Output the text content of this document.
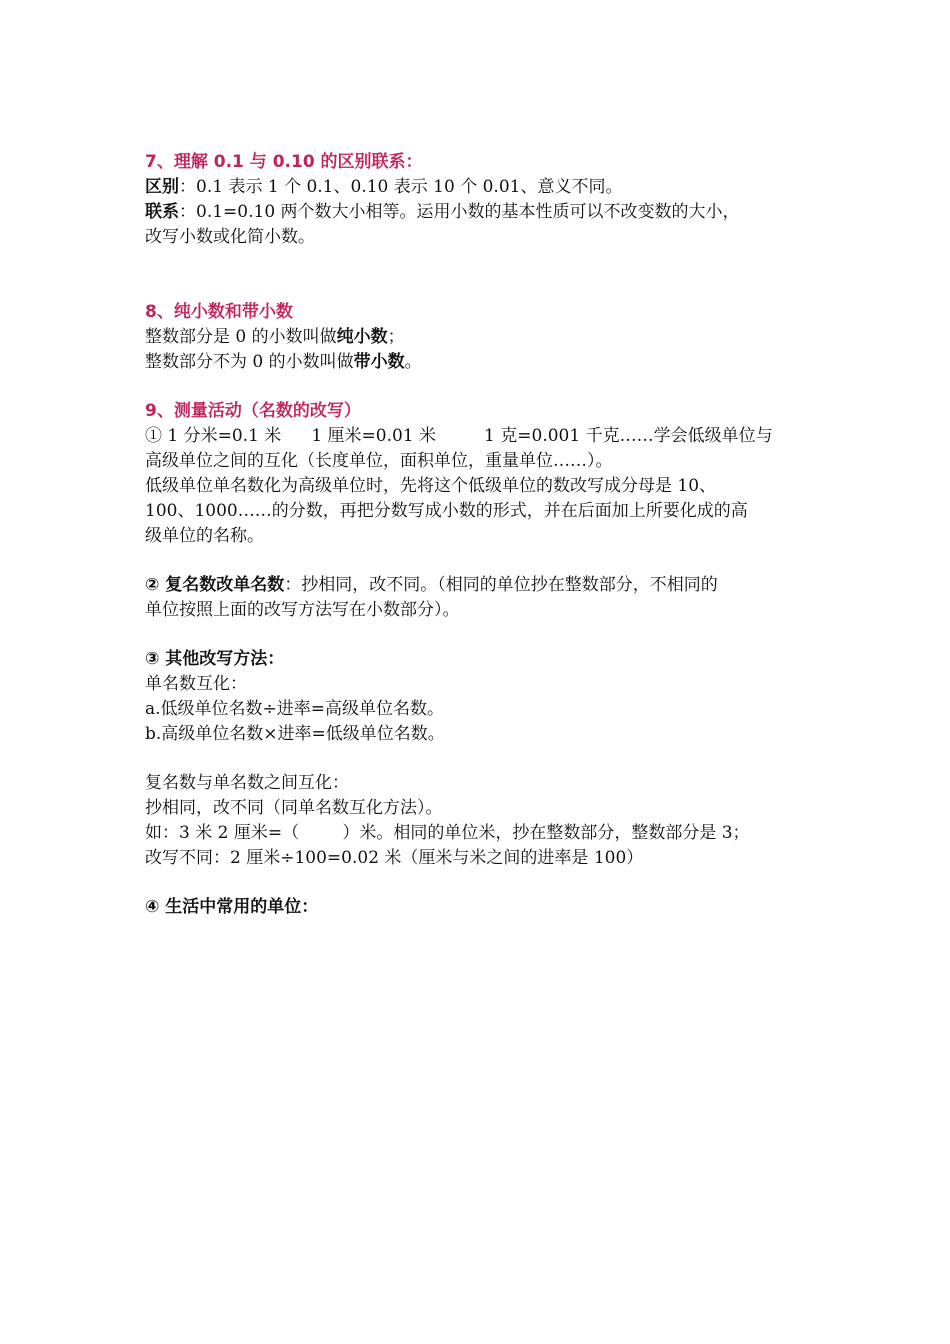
7、理解 0.1 与 0.10 的区别联系：
区别：0.1 表示 1 个 0.1、0.10 表示 10 个 0.01、意义不同。
联系：0.1=0.10 两个数大小相等。运用小数的基本性质可以不改变数的大小，
改写小数或化简小数。
8、纯小数和带小数
整数部分是 0 的小数叫做纯小数；
整数部分不为 0 的小数叫做带小数。
9、测量活动（名数的改写）
① 1 分米=0.1 米 1 厘米=0.01 米	1 克=0.001 千克……学会低级单位与
高级单位之间的互化（长度单位，面积单位，重量单位……）。
低级单位单名数化为高级单位时，先将这个低级单位的数改写成分母是 10、
100、1000……的分数，再把分数写成小数的形式，并在后面加上所要化成的高
级单位的名称。
② 复名数改单名数：抄相同，改不同。（相同的单位抄在整数部分，不相同的
单位按照上面的改写方法写在小数部分）。
③ 其他改写方法：
单名数互化：
a.低级单位名数÷进率=高级单位名数。
b.高级单位名数×进率=低级单位名数。
复名数与单名数之间互化：
抄相同，改不同（同单名数互化方法）。
如：3 米 2 厘米=（        ）米。相同的单位米，抄在整数部分，整数部分是 3；
改写不同：2 厘米÷100=0.02 米（厘米与米之间的进率是 100）
④ 生活中常用的单位：
